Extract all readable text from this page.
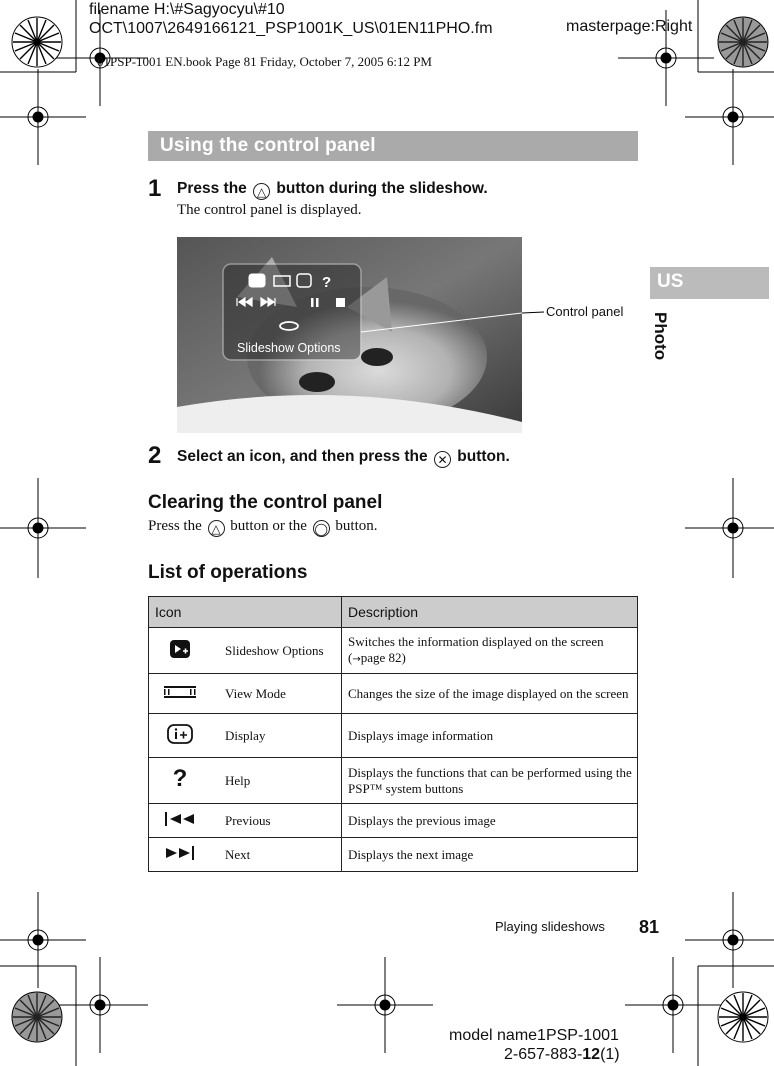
filename H:\#Sagyocyu\#10
OCT\1007\2649166121_PSP1001K_US\01EN11PHO.fm	masterpage:Right
01PSP-1001 EN.book Page 81 Friday, October 7, 2005 6:12 PM
Using the control panel
1 Press the △ button during the slideshow.
The control panel is displayed.
?
Slideshow Options
Control panel
2 Select an icon, and then press the ✕ button.
Clearing the control panel
Press the △ button or the ◯ button.
List of operations
Icon		Description
	Slideshow Options	Switches the information displayed on the screen
(→page 82)
	View Mode	Changes the size of the image displayed on the screen
	Display	Displays image information
?	Help	Displays the functions that can be performed using the PSP™ system buttons
	Previous	Displays the previous image
	Next	Displays the next image
US
Photo
Playing slideshows 81
model name1PSP-1001
2-657-883-12(1)
